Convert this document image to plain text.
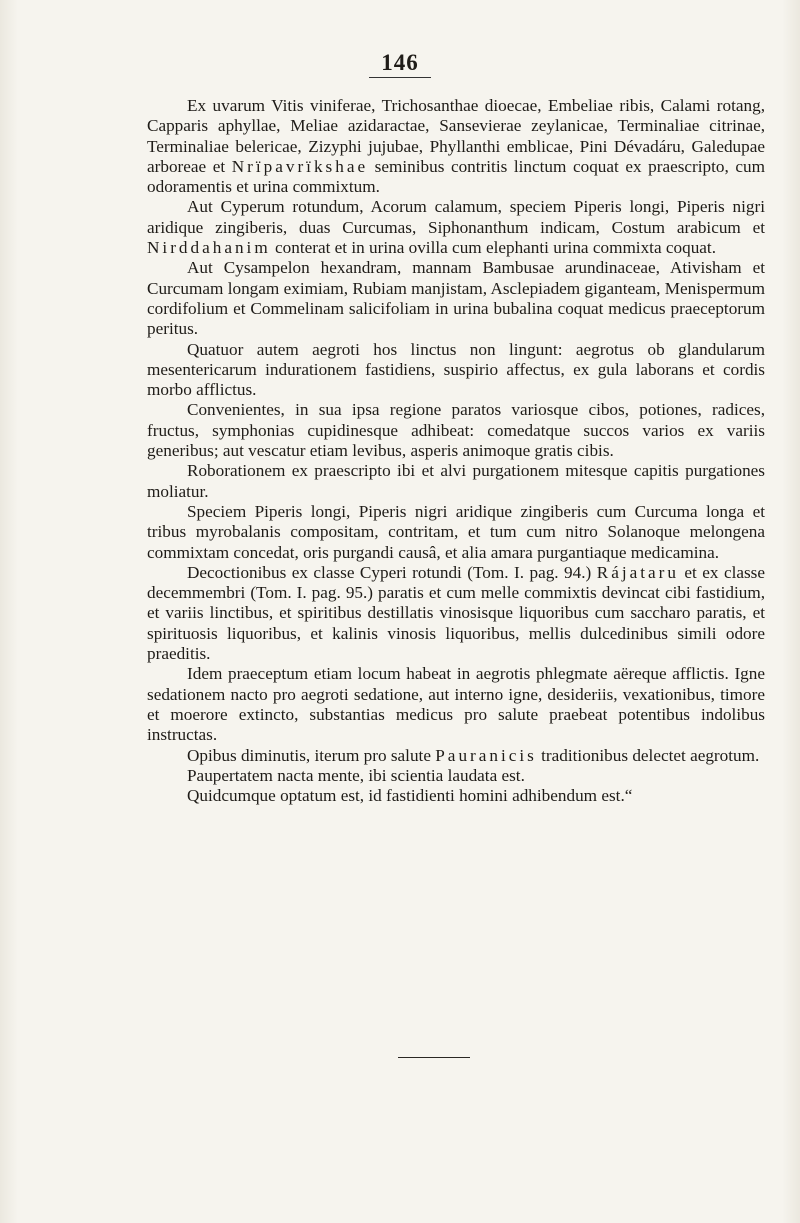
146

Ex uvarum Vitis viniferae, Trichosanthae dioecae, Embeliae ribis, Calami rotang, Capparis aphyllae, Meliae azidaractae, Sansevierae zeylanicae, Terminaliae citrinae, Terminaliae belericae, Zizyphi jujubae, Phyllanthi emblicae, Pini Dévadáru, Galedupae arboreae et Nrïpavrïkshae seminibus contritis linctum coquat ex praescripto, cum odoramentis et urina commixtum.

Aut Cyperum rotundum, Acorum calamum, speciem Piperis longi, Piperis nigri aridique zingiberis, duas Curcumas, Siphonanthum indicam, Costum arabicum et Nirddahanim conterat et in urina ovilla cum elephanti urina commixta coquat.

Aut Cysampelon hexandram, mannam Bambusae arundinaceae, Ativisham et Curcumam longam eximiam, Rubiam manjistam, Asclepiadem giganteam, Menispermum cordifolium et Commelinam salicifoliam in urina bubalina coquat medicus praeceptorum peritus.

Quatuor autem aegroti hos linctus non lingunt: aegrotus ob glandularum mesentericarum indurationem fastidiens, suspirio affectus, ex gula laborans et cordis morbo afflictus.

Convenientes, in sua ipsa regione paratos variosque cibos, potiones, radices, fructus, symphonias cupidinesque adhibeat: comedatque succos varios ex variis generibus; aut vescatur etiam levibus, asperis animoque gratis cibis.

Roborationem ex praescripto ibi et alvi purgationem mitesque capitis purgationes moliatur.

Speciem Piperis longi, Piperis nigri aridique zingiberis cum Curcuma longa et tribus myrobalanis compositam, contritam, et tum cum nitro Solanoque melongena commixtam concedat, oris purgandi causâ, et alia amara purgantiaque medicamina.

Decoctionibus ex classe Cyperi rotundi (Tom. I. pag. 94.) Rájataru et ex classe decemmembri (Tom. I. pag. 95.) paratis et cum melle commixtis devincat cibi fastidium, et variis linctibus, et spiritibus destillatis vinosisque liquoribus cum saccharo paratis, et spirituosis liquoribus, et kalinis vinosis liquoribus, mellis dulcedinibus simili odore praeditis.

Idem praeceptum etiam locum habeat in aegrotis phlegmate aëreque afflictis. Igne sedationem nacto pro aegroti sedatione, aut interno igne, desideriis, vexationibus, timore et moerore extincto, substantias medicus pro salute praebeat potentibus indolibus instructas.

Opibus diminutis, iterum pro salute Pauranicis traditionibus delectet aegrotum.

Paupertatem nacta mente, ibi scientia laudata est.

Quidcumque optatum est, id fastidienti homini adhibendum est.“
